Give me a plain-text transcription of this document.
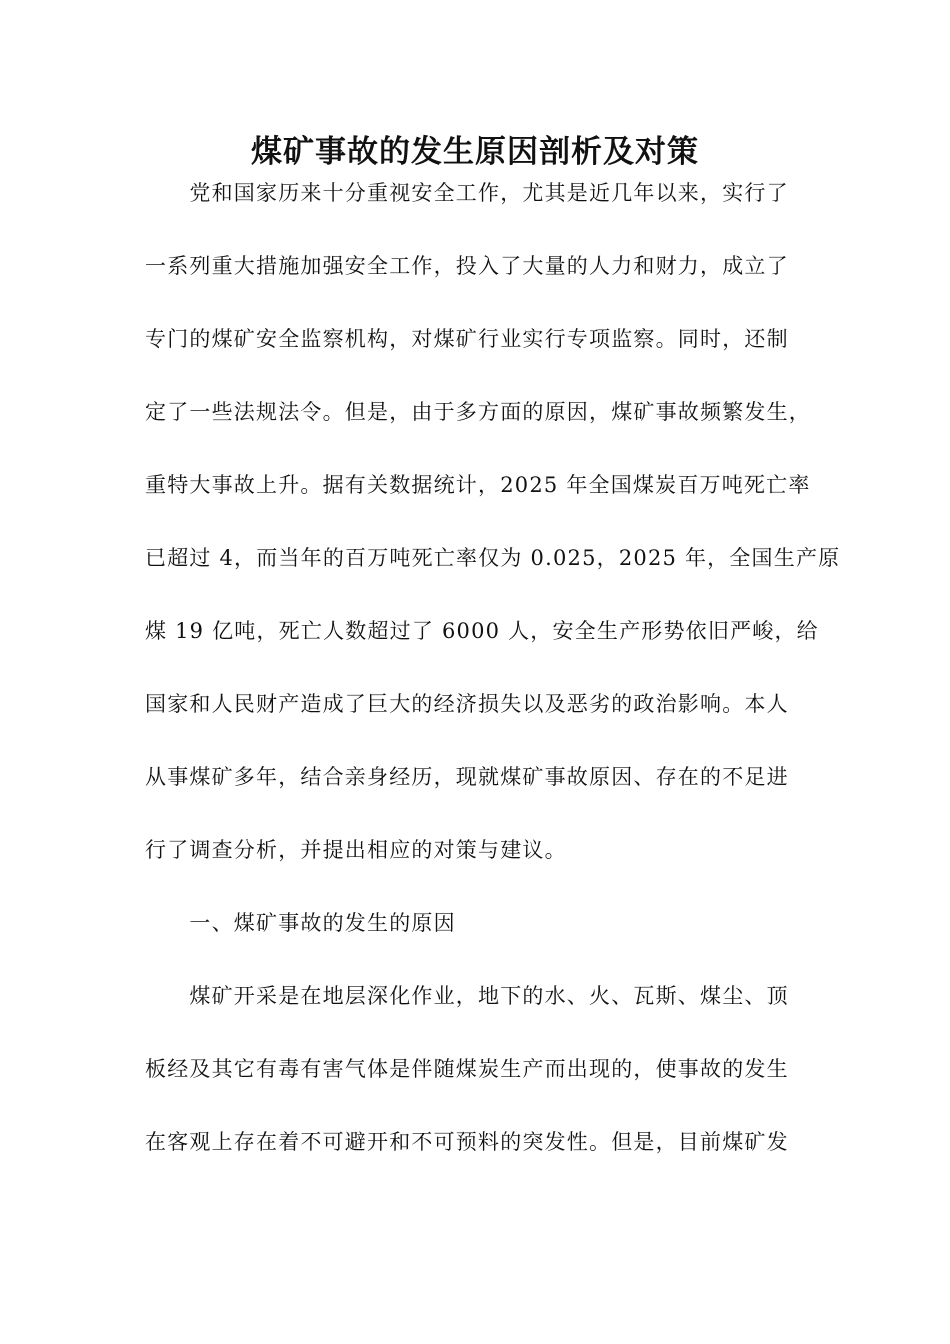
煤矿事故的发生原因剖析及对策

　　党和国家历来十分重视安全工作，尤其是近几年以来，实行了

一系列重大措施加强安全工作，投入了大量的人力和财力，成立了

专门的煤矿安全监察机构，对煤矿行业实行专项监察。同时，还制

定了一些法规法令。但是，由于多方面的原因，煤矿事故频繁发生，

重特大事故上升。据有关数据统计，2025 年全国煤炭百万吨死亡率

已超过 4，而当年的百万吨死亡率仅为 0.025，2025 年，全国生产原

煤 19 亿吨，死亡人数超过了 6000 人，安全生产形势依旧严峻，给

国家和人民财产造成了巨大的经济损失以及恶劣的政治影响。本人

从事煤矿多年，结合亲身经历，现就煤矿事故原因、存在的不足进

行了调查分析，并提出相应的对策与建议。

　　一、煤矿事故的发生的原因

　　煤矿开采是在地层深化作业，地下的水、火、瓦斯、煤尘、顶

板经及其它有毒有害气体是伴随煤炭生产而出现的，使事故的发生

在客观上存在着不可避开和不可预料的突发性。但是，目前煤矿发
